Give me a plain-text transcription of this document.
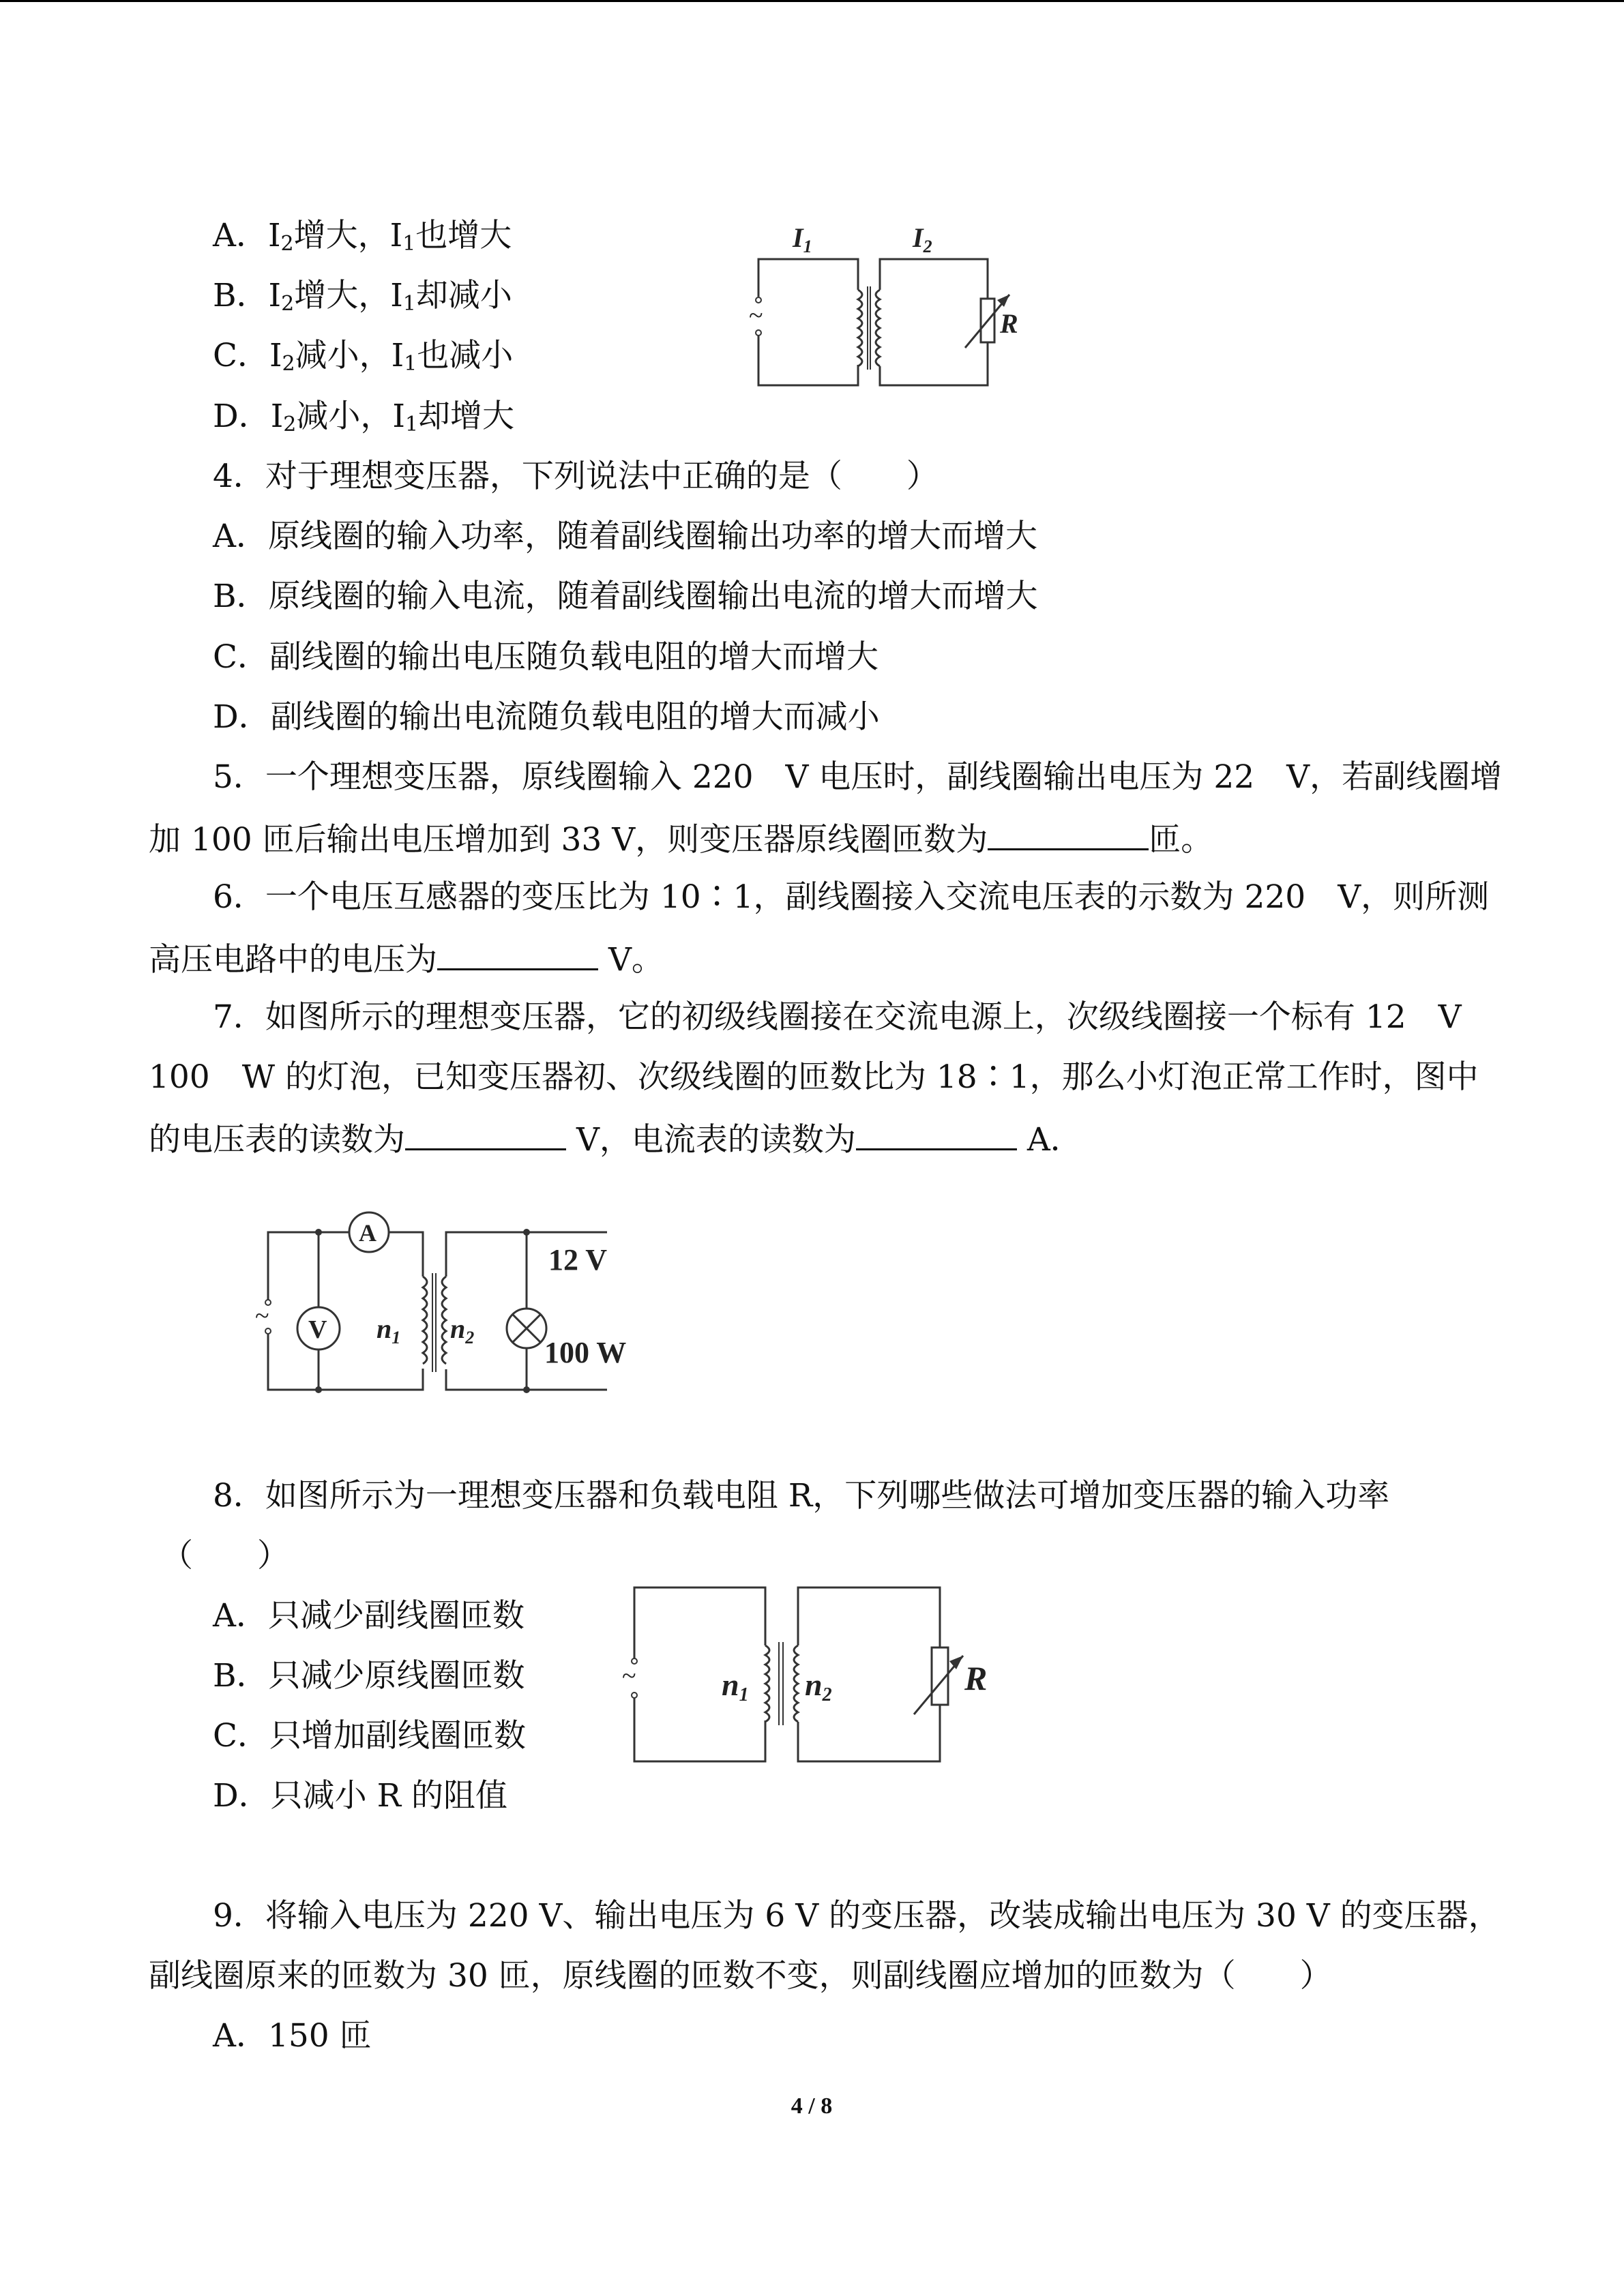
A．$I_2$增大，$I_1$也增大
B．$I_2$增大，$I_1$却减小
C．$I_2$减小，$I_1$也减小
D．$I_2$减小，$I_1$却增大
$I_1$	$I_2$
~	R
4．对于理想变压器，下列说法中正确的是（　　）
A．原线圈的输入功率，随着副线圈输出功率的增大而增大
B．原线圈的输入电流，随着副线圈输出电流的增大而增大
C．副线圈的输出电压随负载电阻的增大而增大
D．副线圈的输出电流随负载电阻的增大而减小
5．一个理想变压器，原线圈输入 220　V 电压时，副线圈输出电压为 22　V，若副线圈增
加 100 匝后输出电压增加到 33 V，则变压器原线圈匝数为	匝。
6．一个电压互感器的变压比为 10∶1，副线圈接入交流电压表的示数为 220　V，则所测
高压电路中的电压为	V。
7．如图所示的理想变压器，它的初级线圈接在交流电源上，次级线圈接一个标有 12　V
100　W 的灯泡，已知变压器初、次级线圈的匝数比为 18∶1，那么小灯泡正常工作时，图中
的电压表的读数为	V，电流表的读数为	A．
~
A
V $n_1$ $n_2$
12 V
100 W
8．如图所示为一理想变压器和负载电阻 R，下列哪些做法可增加变压器的输入功率
（　　）
A．只减少副线圈匝数
B．只减少原线圈匝数
C．只增加副线圈匝数
D．只减小 R 的阻值
~	n1 n2	R
9．将输入电压为 220 V、输出电压为 6 V 的变压器，改装成输出电压为 30 V 的变压器，
副线圈原来的匝数为 30 匝，原线圈的匝数不变，则副线圈应增加的匝数为（　　）
A．150 匝
4 / 8
